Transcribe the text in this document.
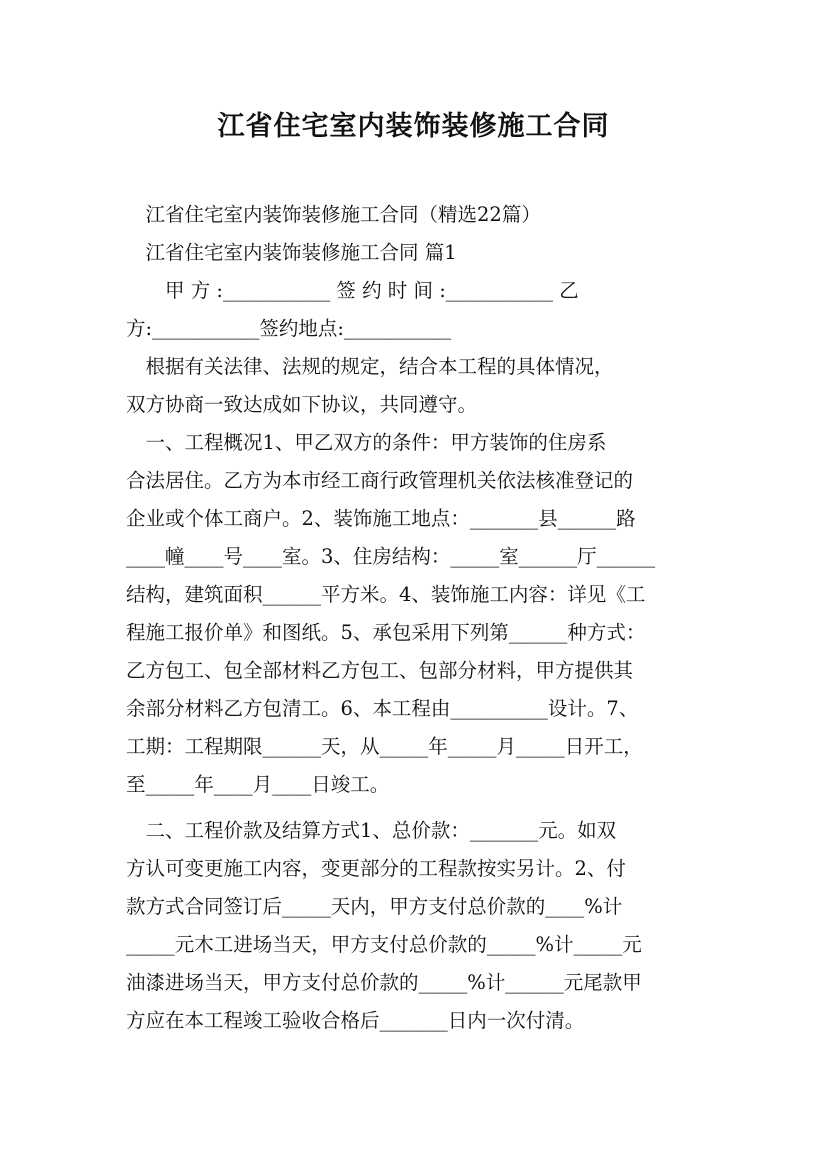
江省住宅室内装饰装修施工合同

　江省住宅室内装饰装修施工合同（精选22篇）

　江省住宅室内装饰装修施工合同 篇1

　　甲 方 :___________ 签 约 时 间 :___________ 乙

方:___________签约地点:___________

　根据有关法律、法规的规定，结合本工程的具体情况，

双方协商一致达成如下协议，共同遵守。

　一、工程概况1、甲乙双方的条件：甲方装饰的住房系

合法居住。乙方为本市经工商行政管理机关依法核准登记的

企业或个体工商户。2、装饰施工地点：_______县______路

____幢____号____室。3、住房结构：_____室______厅______

结构，建筑面积______平方米。4、装饰施工内容：详见《工

程施工报价单》和图纸。5、承包采用下列第______种方式：

乙方包工、包全部材料乙方包工、包部分材料，甲方提供其

余部分材料乙方包清工。6、本工程由__________设计。7、

工期：工程期限______天，从_____年_____月_____日开工，

至_____年____月____日竣工。

　二、工程价款及结算方式1、总价款：_______元。如双

方认可变更施工内容，变更部分的工程款按实另计。2、付

款方式合同签订后_____天内，甲方支付总价款的____%计

_____元木工进场当天，甲方支付总价款的_____%计_____元

油漆进场当天，甲方支付总价款的_____%计______元尾款甲

方应在本工程竣工验收合格后_______日内一次付清。
